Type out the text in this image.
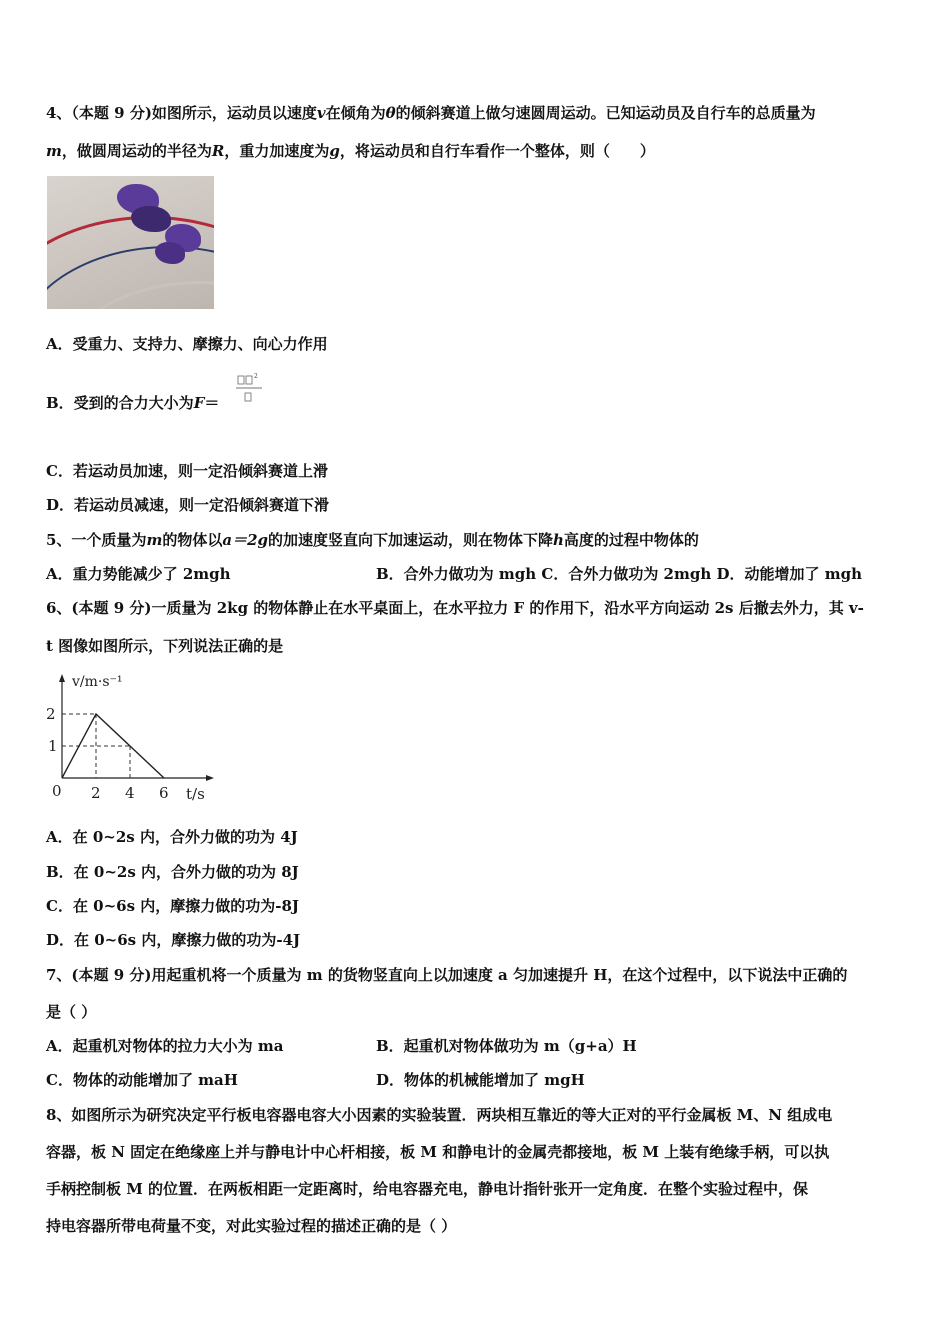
4、（本题 9 分)如图所示，运动员以速度v在倾角为θ的倾斜赛道上做匀速圆周运动。已知运动员及自行车的总质量为
m，做圆周运动的半径为R，重力加速度为g，将运动员和自行车看作一个整体，则（　　）
A．受重力、支持力、摩擦力、向心力作用
B．受到的合力大小为F＝
2
C．若运动员加速，则一定沿倾斜赛道上滑
D．若运动员减速，则一定沿倾斜赛道下滑
5、一个质量为m的物体以a＝2g的加速度竖直向下加速运动，则在物体下降h高度的过程中物体的
A．重力势能减少了 2mgh	B．合外力做功为 mgh C．合外力做功为 2mgh D．动能增加了 mgh
6、(本题 9 分)一质量为 2kg 的物体静止在水平桌面上，在水平拉力 F 的作用下，沿水平方向运动 2s 后撤去外力，其 v-
t 图像如图所示，下列说法正确的是
v/m·s⁻¹
2
1
0 2 4 6 t/s
A．在 0~2s 内，合外力做的功为 4J
B．在 0~2s 内，合外力做的功为 8J
C．在 0~6s 内，摩擦力做的功为-8J
D．在 0~6s 内，摩擦力做的功为-4J
7、(本题 9 分)用起重机将一个质量为 m 的货物竖直向上以加速度 a 匀加速提升 H，在这个过程中，以下说法中正确的
是（ ）
A．起重机对物体的拉力大小为 ma	B．起重机对物体做功为 m（g+a）H
C．物体的动能增加了 maH	D．物体的机械能增加了 mgH
8、如图所示为研究决定平行板电容器电容大小因素的实验装置．两块相互靠近的等大正对的平行金属板 M、N 组成电
容器，板 N 固定在绝缘座上并与静电计中心杆相接，板 M 和静电计的金属壳都接地，板 M 上装有绝缘手柄，可以执
手柄控制板 M 的位置．在两板相距一定距离时，给电容器充电，静电计指针张开一定角度．在整个实验过程中，保
持电容器所带电荷量不变，对此实验过程的描述正确的是（ ）
